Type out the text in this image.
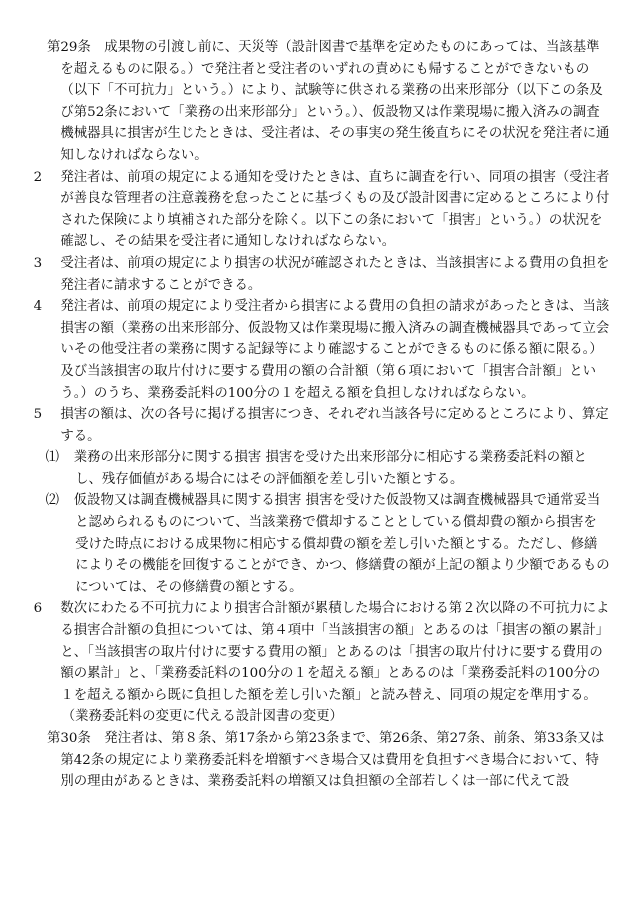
第29条　成果物の引渡し前に、天災等（設計図書で基準を定めたものにあっては、当該基準を超えるものに限る。）で発注者と受注者のいずれの責めにも帰することができないもの（以下「不可抗力」という。）により、試験等に供される業務の出来形部分（以下この条及び第52条において「業務の出来形部分」という。）、仮設物又は作業現場に搬入済みの調査機械器具に損害が生じたときは、受注者は、その事実の発生後直ちにその状況を発注者に通知しなければならない。

2　発注者は、前項の規定による通知を受けたときは、直ちに調査を行い、同項の損害（受注者が善良な管理者の注意義務を怠ったことに基づくもの及び設計図書に定めるところにより付された保険により填補された部分を除く。以下この条において「損害」という。）の状況を確認し、その結果を受注者に通知しなければならない。

3　受注者は、前項の規定により損害の状況が確認されたときは、当該損害による費用の負担を発注者に請求することができる。

4　発注者は、前項の規定により受注者から損害による費用の負担の請求があったときは、当該損害の額（業務の出来形部分、仮設物又は作業現場に搬入済みの調査機械器具であって立会いその他受注者の業務に関する記録等により確認することができるものに係る額に限る。）及び当該損害の取片付けに要する費用の額の合計額（第６項において「損害合計額」という。）のうち、業務委託料の100分の１を超える額を負担しなければならない。

5　損害の額は、次の各号に掲げる損害につき、それぞれ当該各号に定めるところにより、算定する。

⑴　業務の出来形部分に関する損害 損害を受けた出来形部分に相応する業務委託料の額とし、残存価値がある場合にはその評価額を差し引いた額とする。

⑵　仮設物又は調査機械器具に関する損害 損害を受けた仮設物又は調査機械器具で通常妥当と認められるものについて、当該業務で償却することとしている償却費の額から損害を受けた時点における成果物に相応する償却費の額を差し引いた額とする。ただし、修繕によりその機能を回復することができ、かつ、修繕費の額が上記の額より少額であるものについては、その修繕費の額とする。

6　数次にわたる不可抗力により損害合計額が累積した場合における第２次以降の不可抗力による損害合計額の負担については、第４項中「当該損害の額」とあるのは「損害の額の累計」と、「当該損害の取片付けに要する費用の額」とあるのは「損害の取片付けに要する費用の額の累計」と、「業務委託料の100分の１を超える額」とあるのは「業務委託料の100分の１を超える額から既に負担した額を差し引いた額」と読み替え、同項の規定を準用する。

（業務委託料の変更に代える設計図書の変更）

第30条　発注者は、第８条、第17条から第23条まで、第26条、第27条、前条、第33条又は第42条の規定により業務委託料を増額すべき場合又は費用を負担すべき場合において、特別の理由があるときは、業務委託料の増額又は負担額の全部若しくは一部に代えて設
